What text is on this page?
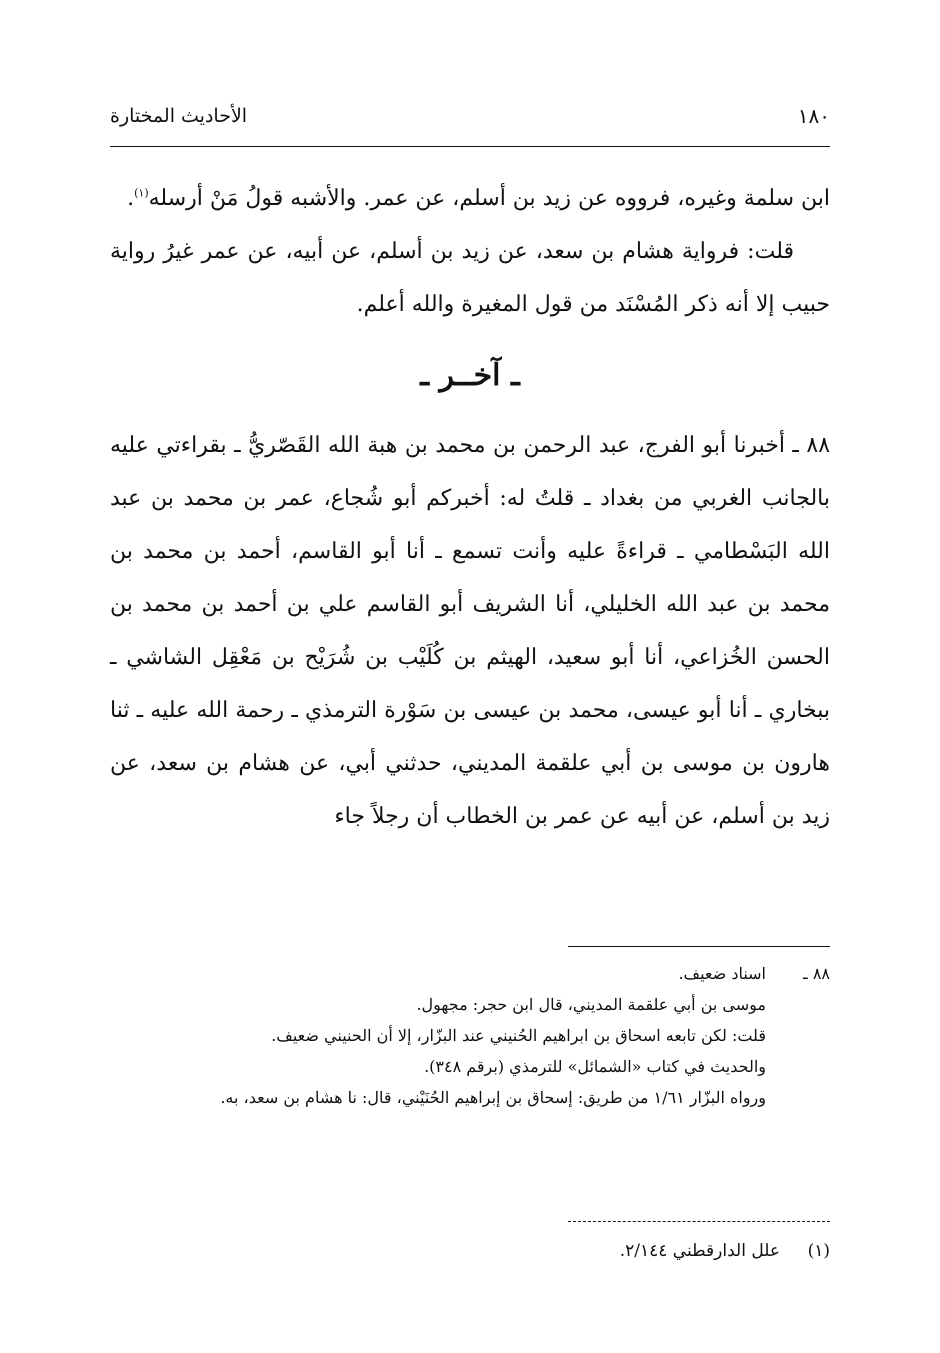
الأحاديث المختارة	١٨٠

ابن سلمة وغيره، فرووه عن زيد بن أسلم، عن عمر. والأشبه قولُ مَنْ أرسله$^{(١)}$.

قلت: فرواية هشام بن سعد، عن زيد بن أسلم، عن أبيه، عن عمر غيرُ رواية حبيب إلا أنه ذكر المُسْنَد من قول المغيرة والله أعلم.

ـ آخــر ـ

٨٨ ـ أخبرنا أبو الفرج، عبد الرحمن بن محمد بن هبة الله القَصّريُّ ـ بقراءتي عليه بالجانب الغربي من بغداد ـ قلتُ له: أخبركم أبو شُجاع، عمر بن محمد بن عبد الله البَسْطامي ـ قراءةً عليه وأنت تسمع ـ أنا أبو القاسم، أحمد بن محمد بن محمد بن عبد الله الخليلي، أنا الشريف أبو القاسم علي بن أحمد بن محمد بن الحسن الخُزاعي، أنا أبو سعيد، الهيثم بن كُلَيْب بن شُرَيْح بن مَعْقِل الشاشي ـ ببخاري ـ أنا أبو عيسى، محمد بن عيسى بن سَوْرة الترمذي ـ رحمة الله عليه ـ ثنا هارون بن موسى بن أبي علقمة المديني، حدثني أبي، عن هشام بن سعد، عن زيد بن أسلم، عن أبيه عن عمر بن الخطاب أن رجلاً جاء

٨٨ ـ
اسناد ضعيف.
موسى بن أبي علقمة المديني، قال ابن حجر: مجهول.
قلت: لكن تابعه اسحاق بن ابراهيم الحُنيني عند البزّار، إلا أن الحنيني ضعيف.
والحديث في كتاب «الشمائل» للترمذي (برقم ٣٤٨).
ورواه البزّار ١/٦١ من طريق: إسحاق بن إبراهيم الحُنَيْني، قال: نا هشام بن سعد، به.
(١)
علل الدارقطني ٢/١٤٤.
